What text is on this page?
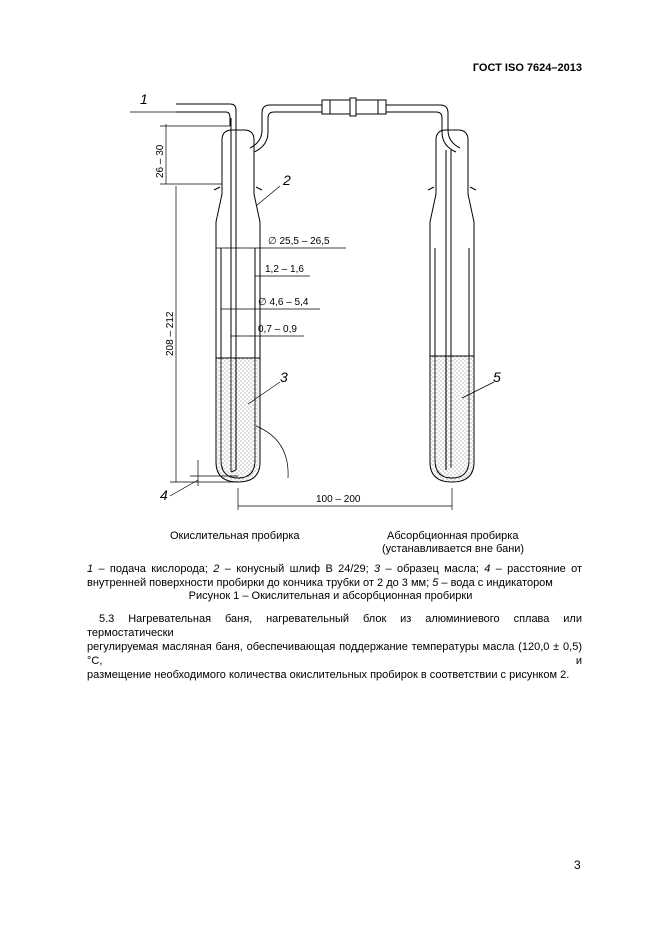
ГОСТ ISO 7624–2013
1
2
3
4
5
26 – 30
208 – 212
∅ 25,5 – 26,5
1,2 – 1,6
∅ 4,6 – 5,4
0,7 – 0,9
100 – 200
Окислительная пробирка	Абсорбционная пробирка
(устанавливается вне бани)
1 – подача кислорода; 2 – конусный шлиф В 24/29; 3 – образец масла; 4 – расстояние от
внутренней поверхности пробирки до кончика трубки от 2 до 3 мм; 5 – вода с индикатором
Рисунок 1 – Окислительная и абсорбционная пробирки
5.3 Нагревательная баня, нагревательный блок из алюминиевого сплава или термостатически
регулируемая масляная баня, обеспечивающая поддержание температуры масла (120,0 ± 0,5) °C, и
размещение необходимого количества окислительных пробирок в соответствии с рисунком 2.
3
